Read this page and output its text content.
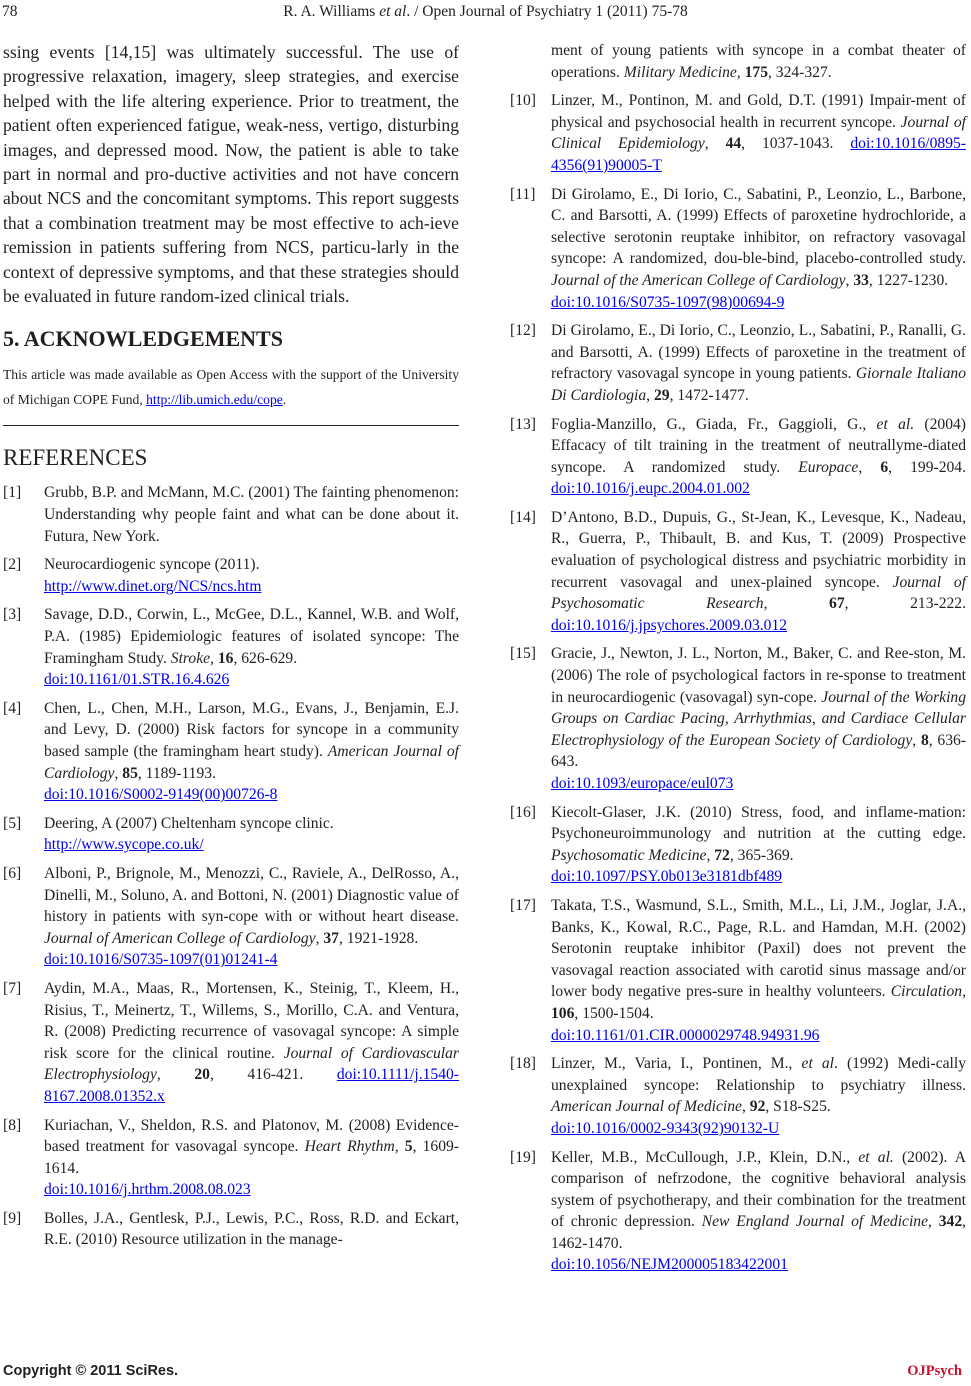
78	R. A. Williams et al. / Open Journal of Psychiatry 1 (2011) 75-78

ssing events [14,15] was ultimately successful. The use of progressive relaxation, imagery, sleep strategies, and exercise helped with the life altering experience. Prior to treatment, the patient often experienced fatigue, weak-ness, vertigo, disturbing images, and depressed mood. Now, the patient is able to take part in normal and pro-ductive activities and not have concern about NCS and the concomitant symptoms. This report suggests that a combination treatment may be most effective to ach-ieve remission in patients suffering from NCS, particu-larly in the context of depressive symptoms, and that these strategies should be evaluated in future random-ized clinical trials.

5. ACKNOWLEDGEMENTS

This article was made available as Open Access with the support of the University of Michigan COPE Fund, http://lib.umich.edu/cope.

REFERENCES

[1] Grubb, B.P. and McMann, M.C. (2001) The fainting phenomenon: Understanding why people faint and what can be done about it. Futura, New York.

[2] Neurocardiogenic syncope (2011).
http://www.dinet.org/NCS/ncs.htm

[3] Savage, D.D., Corwin, L., McGee, D.L., Kannel, W.B. and Wolf, P.A. (1985) Epidemiologic features of isolated syncope: The Framingham Study. Stroke, 16, 626-629.
doi:10.1161/01.STR.16.4.626

[4] Chen, L., Chen, M.H., Larson, M.G., Evans, J., Benjamin, E.J. and Levy, D. (2000) Risk factors for syncope in a community based sample (the framingham heart study). American Journal of Cardiology, 85, 1189-1193.
doi:10.1016/S0002-9149(00)00726-8

[5] Deering, A (2007) Cheltenham syncope clinic.
http://www.sycope.co.uk/

[6] Alboni, P., Brignole, M., Menozzi, C., Raviele, A., DelRosso, A., Dinelli, M., Soluno, A. and Bottoni, N. (2001) Diagnostic value of history in patients with syn-cope with or without heart disease. Journal of American College of Cardiology, 37, 1921-1928.
doi:10.1016/S0735-1097(01)01241-4

[7] Aydin, M.A., Maas, R., Mortensen, K., Steinig, T., Kleem, H., Risius, T., Meinertz, T., Willems, S., Morillo, C.A. and Ventura, R. (2008) Predicting recurrence of vasovagal syncope: A simple risk score for the clinical routine. Journal of Cardiovascular Electrophysiology, 20, 416-421. doi:10.1111/j.1540-8167.2008.01352.x

[8] Kuriachan, V., Sheldon, R.S. and Platonov, M. (2008) Evidence-based treatment for vasovagal syncope. Heart Rhythm, 5, 1609-1614.
doi:10.1016/j.hrthm.2008.08.023

[9] Bolles, J.A., Gentlesk, P.J., Lewis, P.C., Ross, R.D. and Eckart, R.E. (2010) Resource utilization in the manage-

ment of young patients with syncope in a combat theater of operations. Military Medicine, 175, 324-327.

[10] Linzer, M., Pontinon, M. and Gold, D.T. (1991) Impair-ment of physical and psychosocial health in recurrent syncope. Journal of Clinical Epidemiology, 44, 1037-1043. doi:10.1016/0895-4356(91)90005-T

[11] Di Girolamo, E., Di Iorio, C., Sabatini, P., Leonzio, L., Barbone, C. and Barsotti, A. (1999) Effects of paroxetine hydrochloride, a selective serotonin reuptake inhibitor, on refractory vasovagal syncope: A randomized, dou-ble-bind, placebo-controlled study. Journal of the American College of Cardiology, 33, 1227-1230.
doi:10.1016/S0735-1097(98)00694-9

[12] Di Girolamo, E., Di Iorio, C., Leonzio, L., Sabatini, P., Ranalli, G. and Barsotti, A. (1999) Effects of paroxetine in the treatment of refractory vasovagal syncope in young patients. Giornale Italiano Di Cardiologia, 29, 1472-1477.

[13] Foglia-Manzillo, G., Giada, Fr., Gaggioli, G., et al. (2004) Effacacy of tilt training in the treatment of neutrallyme-diated syncope. A randomized study. Europace, 6, 199-204. doi:10.1016/j.eupc.2004.01.002

[14] D’Antono, B.D., Dupuis, G., St-Jean, K., Levesque, K., Nadeau, R., Guerra, P., Thibault, B. and Kus, T. (2009) Prospective evaluation of psychological distress and psychiatric morbidity in recurrent vasovagal and unex-plained syncope. Journal of Psychosomatic Research, 67, 213-222. doi:10.1016/j.jpsychores.2009.03.012

[15] Gracie, J., Newton, J. L., Norton, M., Baker, C. and Ree-ston, M. (2006) The role of psychological factors in re-sponse to treatment in neurocardiogenic (vasovagal) syn-cope. Journal of the Working Groups on Cardiac Pacing, Arrhythmias, and Cardiace Cellular Electrophysiology of the European Society of Cardiology, 8, 636-643.
doi:10.1093/europace/eul073

[16] Kiecolt-Glaser, J.K. (2010) Stress, food, and inflame-mation: Psychoneuroimmunology and nutrition at the cutting edge. Psychosomatic Medicine, 72, 365-369.
doi:10.1097/PSY.0b013e3181dbf489

[17] Takata, T.S., Wasmund, S.L., Smith, M.L., Li, J.M., Joglar, J.A., Banks, K., Kowal, R.C., Page, R.L. and Hamdan, M.H. (2002) Serotonin reuptake inhibitor (Paxil) does not prevent the vasovagal reaction associated with carotid sinus massage and/or lower body negative pres-sure in healthy volunteers. Circulation, 106, 1500-1504.
doi:10.1161/01.CIR.0000029748.94931.96

[18] Linzer, M., Varia, I., Pontinen, M., et al. (1992) Medi-cally unexplained syncope: Relationship to psychiatry illness. American Journal of Medicine, 92, S18-S25.
doi:10.1016/0002-9343(92)90132-U

[19] Keller, M.B., McCullough, J.P., Klein, D.N., et al. (2002). A comparison of nefrzodone, the cognitive behavioral analysis system of psychotherapy, and their combination for the treatment of chronic depression. New England Journal of Medicine, 342, 1462-1470.
doi:10.1056/NEJM200005183422001

Copyright © 2011 SciRes.	OJPsych
